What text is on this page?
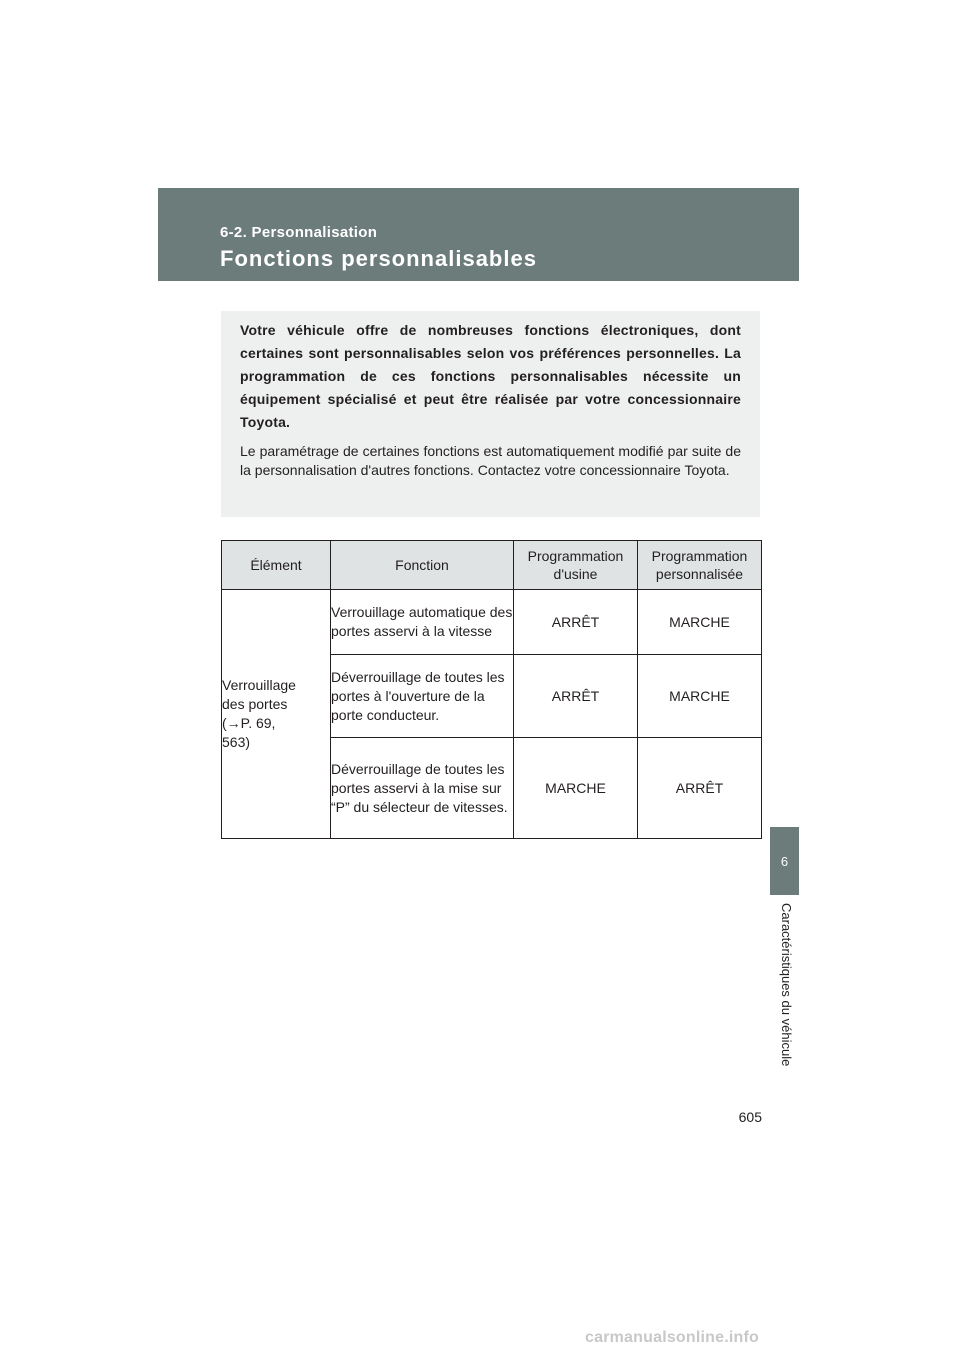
6-2. Personnalisation
Fonctions personnalisables

Votre véhicule offre de nombreuses fonctions électroniques, dont certaines sont personnalisables selon vos préférences personnelles. La programmation de ces fonctions personnalisables nécessite un équipement spécialisé et peut être réalisée par votre concessionnaire Toyota.

Le paramétrage de certaines fonctions est automatiquement modifié par suite de la personnalisation d'autres fonctions. Contactez votre concessionnaire Toyota.

Élément	Fonction	Programmation d'usine	Programmation personnalisée
Verrouillage
des portes
(→P. 69,
563)	Verrouillage automatique des portes asservi à la vitesse	ARRÊT	MARCHE
	Déverrouillage de toutes les portes à l'ouverture de la porte conducteur.	ARRÊT	MARCHE
	Déverrouillage de toutes les portes asservi à la mise sur “P” du sélecteur de vitesses.	MARCHE	ARRÊT
6
Caractéristiques du véhicule
605
carmanualsonline.info
